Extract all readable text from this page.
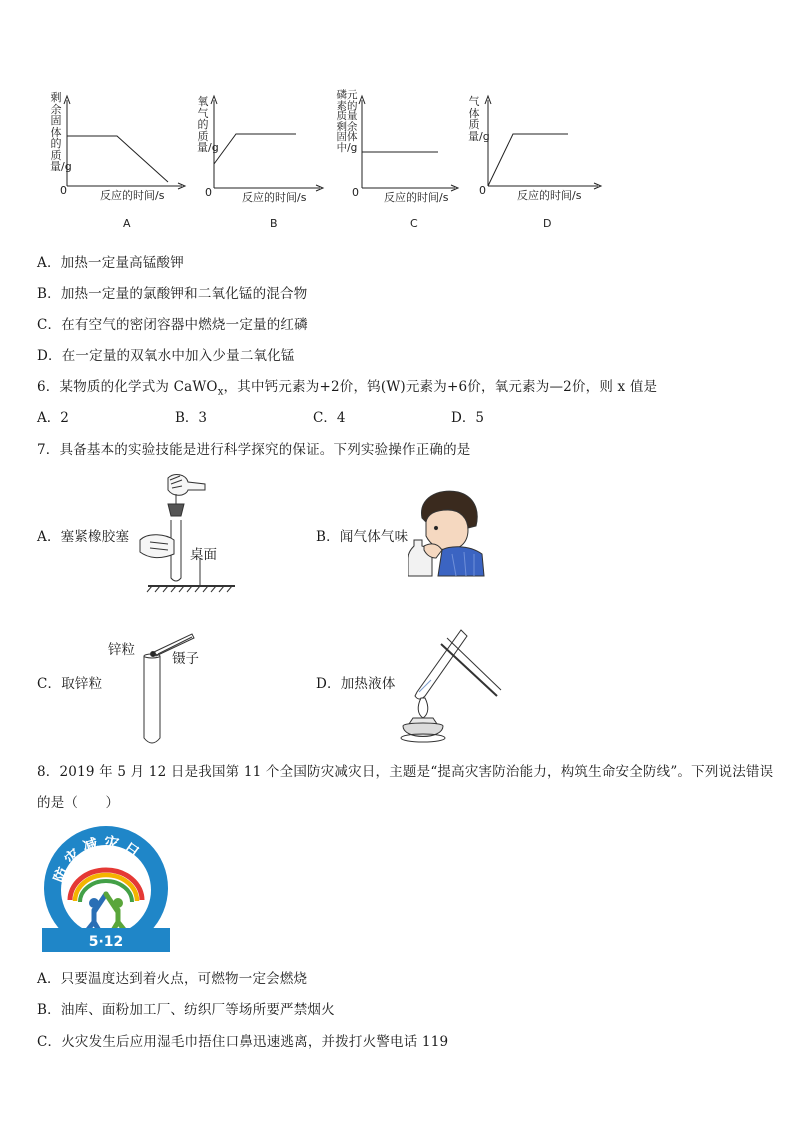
剩余固体的质量/g
氧气的质量/g
磷元素的质量剩余固体中/g
气体质量/g
0	0	0	0
反应的时间/s	反应的时间/s	反应的时间/s	反应的时间/s
A	B	C	D
A．加热一定量高锰酸钾
B．加热一定量的氯酸钾和二氧化锰的混合物
C．在有空气的密闭容器中燃烧一定量的红磷
D．在一定量的双氧水中加入少量二氧化锰
6．某物质的化学式为 CaWO$_x$，其中钙元素为+2价，钨(W)元素为+6价，氧元素为—2价，则 x 值是
A．2	B．3	C．4	D．5
7．具备基本的实验技能是进行科学探究的保证。下列实验操作正确的是
A．塞紧橡胶塞	B．闻气体气味
C．取锌粒	D．加热液体
桌面
锌粒
镊子
8．2019 年 5 月 12 日是我国第 11 个全国防灾减灾日，主题是“提高灾害防治能力，构筑生命安全防线”。下列说法错误
的是（　　）
防灾减灾日
5·12
A．只要温度达到着火点，可燃物一定会燃烧
B．油库、面粉加工厂、纺织厂等场所要严禁烟火
C．火灾发生后应用湿毛巾捂住口鼻迅速逃离，并拨打火警电话 119
